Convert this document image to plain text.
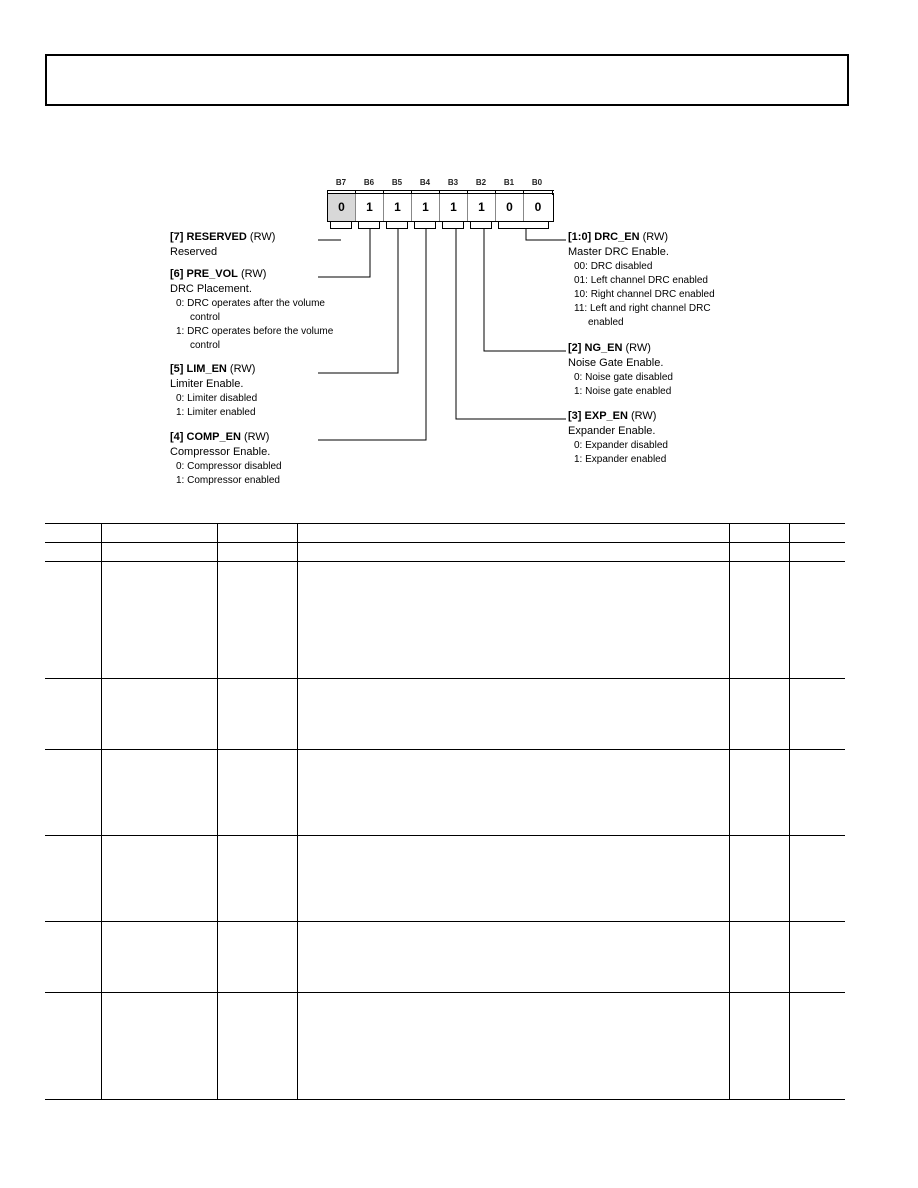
B7	B6	B5	B4	B3	B2	B1	B0
0	1	1	1	1	1	0	0
[7] RESERVED (RW)
Reserved
[6] PRE_VOL (RW)
DRC Placement.
0: DRC operates after the volume
control
1: DRC operates before the volume
control
[5] LIM_EN (RW)
Limiter Enable.
0: Limiter disabled
1: Limiter enabled
[4] COMP_EN (RW)
Compressor Enable.
0: Compressor disabled
1: Compressor enabled
[1:0] DRC_EN (RW)
Master DRC Enable.
00: DRC disabled
01: Left channel DRC enabled
10: Right channel DRC enabled
11: Left and right channel DRC
enabled
[2] NG_EN (RW)
Noise Gate Enable.
0: Noise gate disabled
1: Noise gate enabled
[3] EXP_EN (RW)
Expander Enable.
0: Expander disabled
1: Expander enabled
